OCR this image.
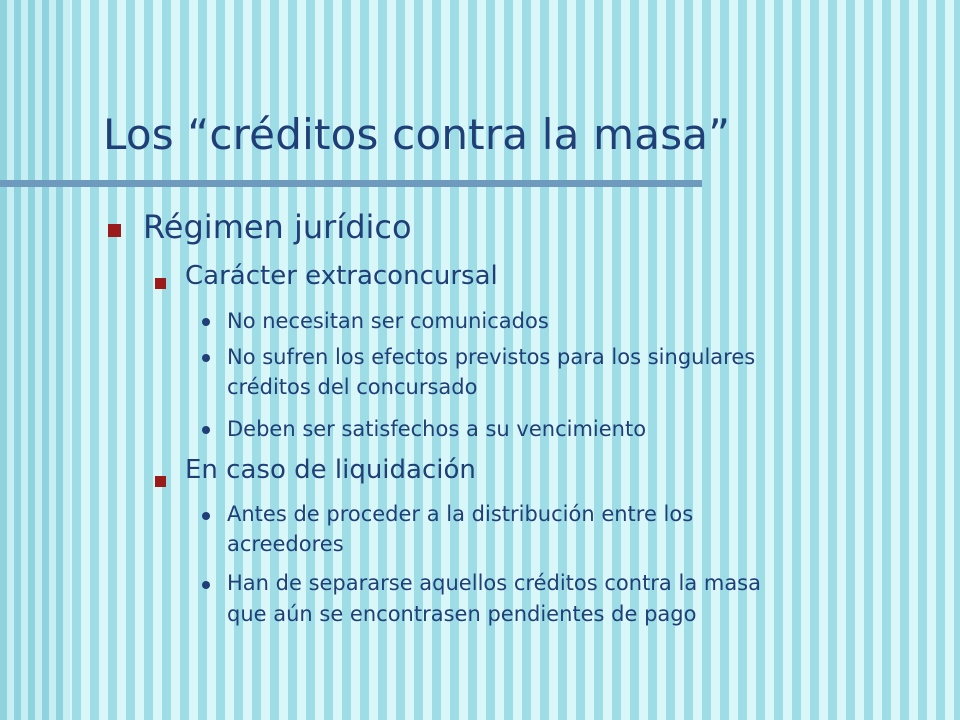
Los “créditos contra la masa”
Régimen jurídico
Carácter extraconcursal
No necesitan ser comunicados
No sufren los efectos previstos para los singulares
créditos del concursado
Deben ser satisfechos a su vencimiento
En caso de liquidación
Antes de proceder a la distribución entre los
acreedores
Han de separarse aquellos créditos contra la masa
que aún se encontrasen pendientes de pago
